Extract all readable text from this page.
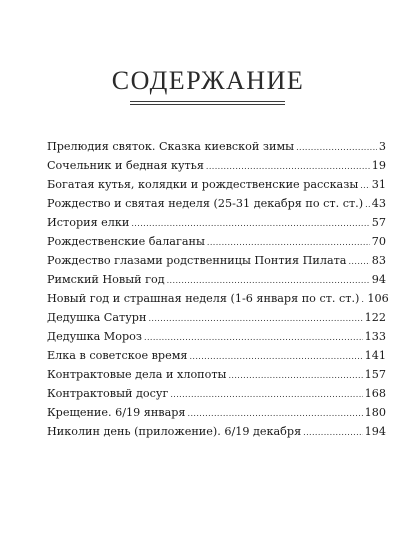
СОДЕРЖАНИЕ
Прелюдия святок. Сказка киевской зимы .....	3
Сочельник и бедная кутья .....	19
Богатая кутья, колядки и рождественские рассказы ..... 31
Рождество и святая неделя (25-31 декабря по ст. ст.) ..... 43
История елки .....	57
Рождественские балаганы .....	70
Рождество глазами родственницы Понтия Пилата ..... 83
Римский Новый год .....	94
Новый год и страшная неделя (1-6 января по ст. ст.) ..... 106
Дедушка Сатурн .....	122
Дедушка Мороз .....	133
Елка в советское время .....	141
Контрактовые дела и хлопоты .....	157
Контрактовый досуг .....	168
Крещение. 6/19 января .....	180
Николин день (приложение). 6/19 декабря .....	194
